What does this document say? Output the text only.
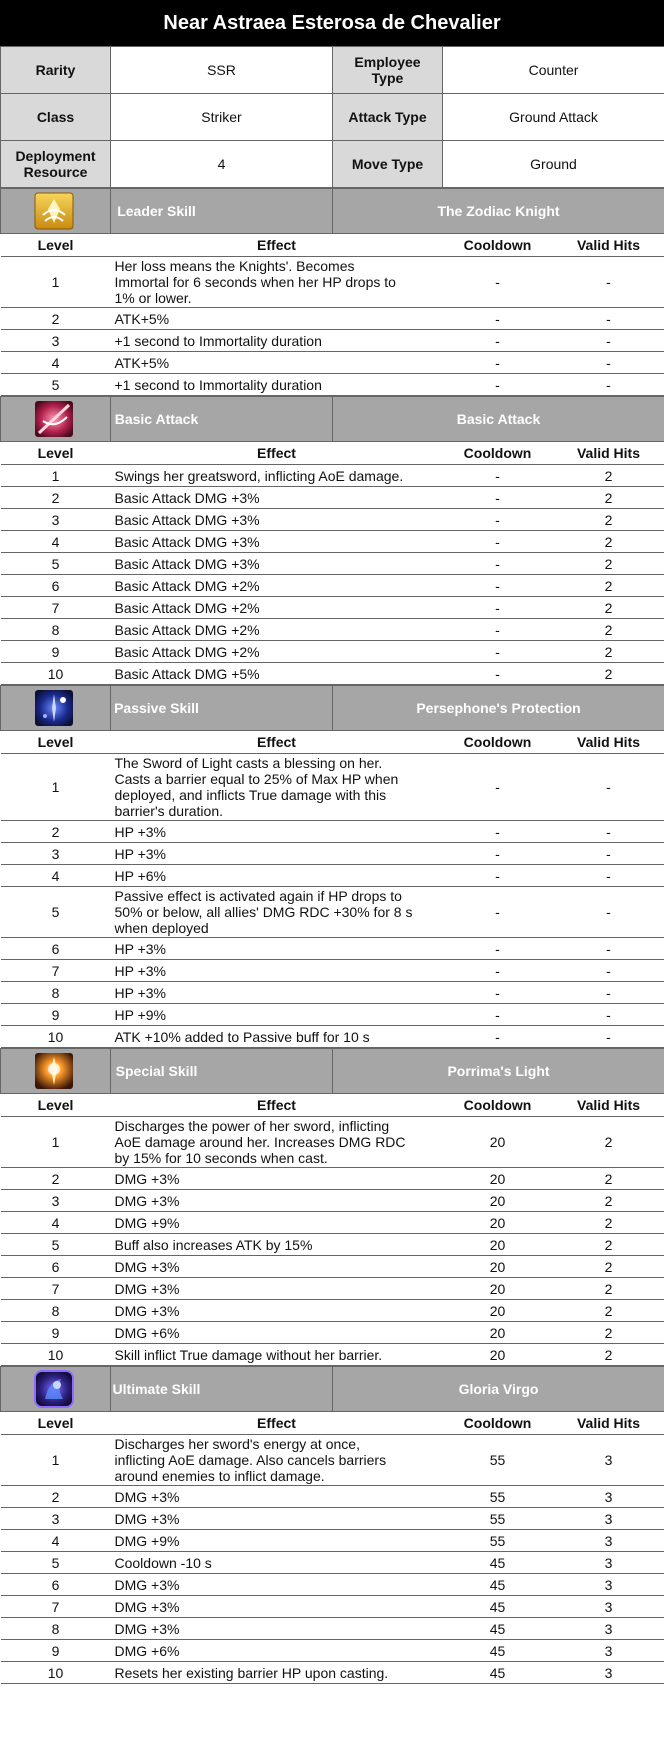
Near Astraea Esterosa de Chevalier
Rarity	SSR	Employee Type	Counter
Class	Striker	Attack Type	Ground Attack
Deployment Resource	4	Move Type	Ground
	Leader Skill	The Zodiac Knight		
Level	Effect		Cooldown	Valid Hits
1	Her loss means the Knights'. Becomes Immortal for 6 seconds when her HP drops to 1% or lower.		-	-
2	ATK+5%		-	-
3	+1 second to Immortality duration		-	-
4	ATK+5%		-	-
5	+1 second to Immortality duration		-	-
	Basic Attack	Basic Attack		
Level	Effect		Cooldown	Valid Hits
1	Swings her greatsword, inflicting AoE damage.		-	2
2	Basic Attack DMG +3%		-	2
3	Basic Attack DMG +3%		-	2
4	Basic Attack DMG +3%		-	2
5	Basic Attack DMG +3%		-	2
6	Basic Attack DMG +2%		-	2
7	Basic Attack DMG +2%		-	2
8	Basic Attack DMG +2%		-	2
9	Basic Attack DMG +2%		-	2
10	Basic Attack DMG +5%		-	2
	Passive Skill	Persephone's Protection		
Level	Effect		Cooldown	Valid Hits
1	The Sword of Light casts a blessing on her. Casts a barrier equal to 25% of Max HP when deployed, and inflicts True damage with this barrier's duration.		-	-
2	HP +3%		-	-
3	HP +3%		-	-
4	HP +6%		-	-
5	Passive effect is activated again if HP drops to 50% or below, all allies' DMG RDC +30% for 8 s when deployed		-	-
6	HP +3%		-	-
7	HP +3%		-	-
8	HP +3%		-	-
9	HP +9%		-	-
10	ATK +10% added to Passive buff for 10 s		-	-
	Special Skill	Porrima's Light		
Level	Effect		Cooldown	Valid Hits
1	Discharges the power of her sword, inflicting AoE damage around her. Increases DMG RDC by 15% for 10 seconds when cast.		20	2
2	DMG +3%		20	2
3	DMG +3%		20	2
4	DMG +9%		20	2
5	Buff also increases ATK by 15%		20	2
6	DMG +3%		20	2
7	DMG +3%		20	2
8	DMG +3%		20	2
9	DMG +6%		20	2
10	Skill inflict True damage without her barrier.		20	2
	Ultimate Skill	Gloria Virgo		
Level	Effect		Cooldown	Valid Hits
1	Discharges her sword's energy at once, inflicting AoE damage. Also cancels barriers around enemies to inflict damage.		55	3
2	DMG +3%		55	3
3	DMG +3%		55	3
4	DMG +9%		55	3
5	Cooldown -10 s		45	3
6	DMG +3%		45	3
7	DMG +3%		45	3
8	DMG +3%		45	3
9	DMG +6%		45	3
10	Resets her existing barrier HP upon casting.		45	3
